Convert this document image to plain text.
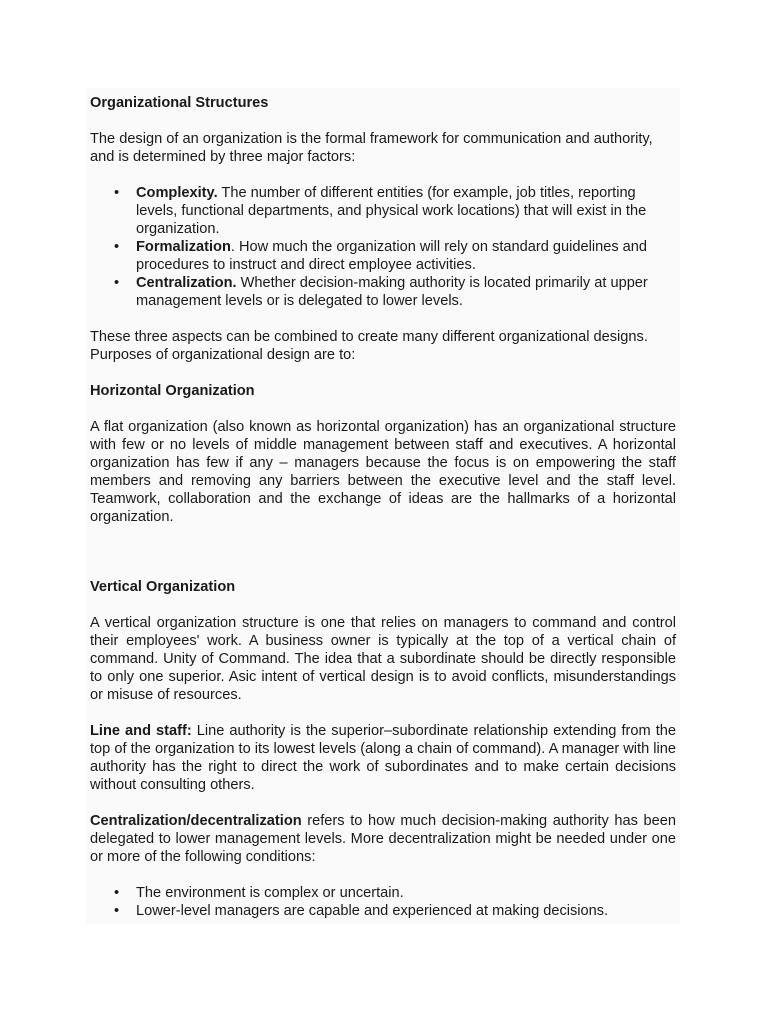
Organizational Structures

The design of an organization is the formal framework for communication and authority, and is determined by three major factors:

• Complexity. The number of different entities (for example, job titles, reporting levels, functional departments, and physical work locations) that will exist in the organization.
• Formalization. How much the organization will rely on standard guidelines and procedures to instruct and direct employee activities.
• Centralization. Whether decision-making authority is located primarily at upper management levels or is delegated to lower levels.

These three aspects can be combined to create many different organizational designs. Purposes of organizational design are to:

Horizontal Organization

A flat organization (also known as horizontal organization) has an organizational structure with few or no levels of middle management between staff and executives. A horizontal organization has few if any – managers because the focus is on empowering the staff members and removing any barriers between the executive level and the staff level. Teamwork, collaboration and the exchange of ideas are the hallmarks of a horizontal organization.

Vertical Organization

A vertical organization structure is one that relies on managers to command and control their employees' work. A business owner is typically at the top of a vertical chain of command. Unity of Command. The idea that a subordinate should be directly responsible to only one superior. Asic intent of vertical design is to avoid conflicts, misunderstandings or misuse of resources.

Line and staff: Line authority is the superior–subordinate relationship extending from the top of the organization to its lowest levels (along a chain of command). A manager with line authority has the right to direct the work of subordinates and to make certain decisions without consulting others.

Centralization/decentralization refers to how much decision-making authority has been delegated to lower management levels. More decentralization might be needed under one or more of the following conditions:

• The environment is complex or uncertain.
• Lower-level managers are capable and experienced at making decisions.
